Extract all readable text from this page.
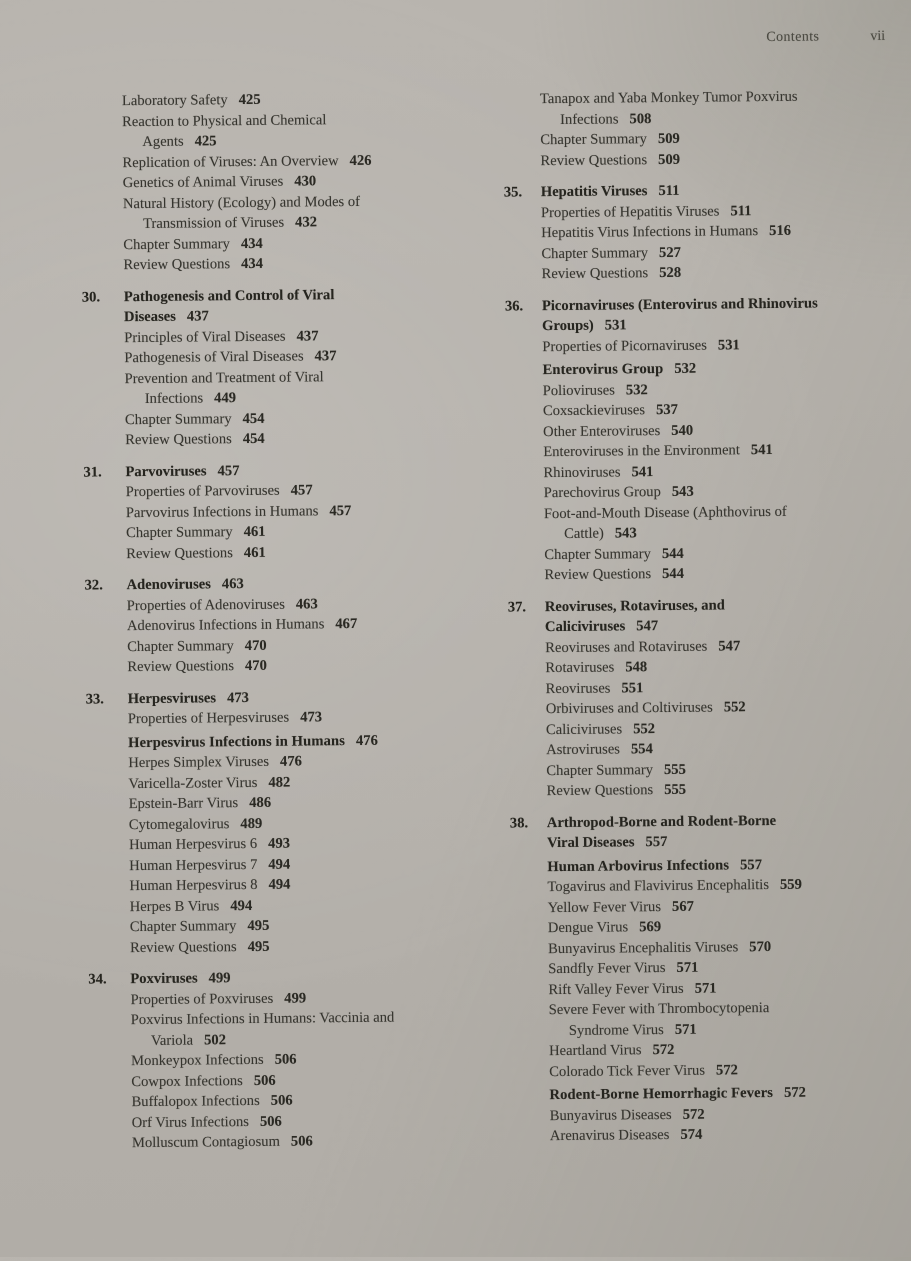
Contents	vii
Laboratory Safety 425
Reaction to Physical and Chemical
Agents 425
Replication of Viruses: An Overview 426
Genetics of Animal Viruses 430
Natural History (Ecology) and Modes of
Transmission of Viruses 432
Chapter Summary 434
Review Questions 434
30. Pathogenesis and Control of Viral
Diseases 437
Principles of Viral Diseases 437
Pathogenesis of Viral Diseases 437
Prevention and Treatment of Viral
Infections 449
Chapter Summary 454
Review Questions 454
31. Parvoviruses 457
Properties of Parvoviruses 457
Parvovirus Infections in Humans 457
Chapter Summary 461
Review Questions 461
32. Adenoviruses 463
Properties of Adenoviruses 463
Adenovirus Infections in Humans 467
Chapter Summary 470
Review Questions 470
33. Herpesviruses 473
Properties of Herpesviruses 473
Herpesvirus Infections in Humans 476
Herpes Simplex Viruses 476
Varicella-Zoster Virus 482
Epstein-Barr Virus 486
Cytomegalovirus 489
Human Herpesvirus 6 493
Human Herpesvirus 7 494
Human Herpesvirus 8 494
Herpes B Virus 494
Chapter Summary 495
Review Questions 495
34. Poxviruses 499
Properties of Poxviruses 499
Poxvirus Infections in Humans: Vaccinia and
Variola 502
Monkeypox Infections 506
Cowpox Infections 506
Buffalopox Infections 506
Orf Virus Infections 506
Molluscum Contagiosum 506
Tanapox and Yaba Monkey Tumor Poxvirus
Infections 508
Chapter Summary 509
Review Questions 509
35. Hepatitis Viruses 511
Properties of Hepatitis Viruses 511
Hepatitis Virus Infections in Humans 516
Chapter Summary 527
Review Questions 528
36. Picornaviruses (Enterovirus and Rhinovirus
Groups) 531
Properties of Picornaviruses 531
Enterovirus Group 532
Polioviruses 532
Coxsackieviruses 537
Other Enteroviruses 540
Enteroviruses in the Environment 541
Rhinoviruses 541
Parechovirus Group 543
Foot-and-Mouth Disease (Aphthovirus of
Cattle) 543
Chapter Summary 544
Review Questions 544
37. Reoviruses, Rotaviruses, and
Caliciviruses 547
Reoviruses and Rotaviruses 547
Rotaviruses 548
Reoviruses 551
Orbiviruses and Coltiviruses 552
Caliciviruses 552
Astroviruses 554
Chapter Summary 555
Review Questions 555
38. Arthropod-Borne and Rodent-Borne
Viral Diseases 557
Human Arbovirus Infections 557
Togavirus and Flavivirus Encephalitis 559
Yellow Fever Virus 567
Dengue Virus 569
Bunyavirus Encephalitis Viruses 570
Sandfly Fever Virus 571
Rift Valley Fever Virus 571
Severe Fever with Thrombocytopenia
Syndrome Virus 571
Heartland Virus 572
Colorado Tick Fever Virus 572
Rodent-Borne Hemorrhagic Fevers 572
Bunyavirus Diseases 572
Arenavirus Diseases 574
